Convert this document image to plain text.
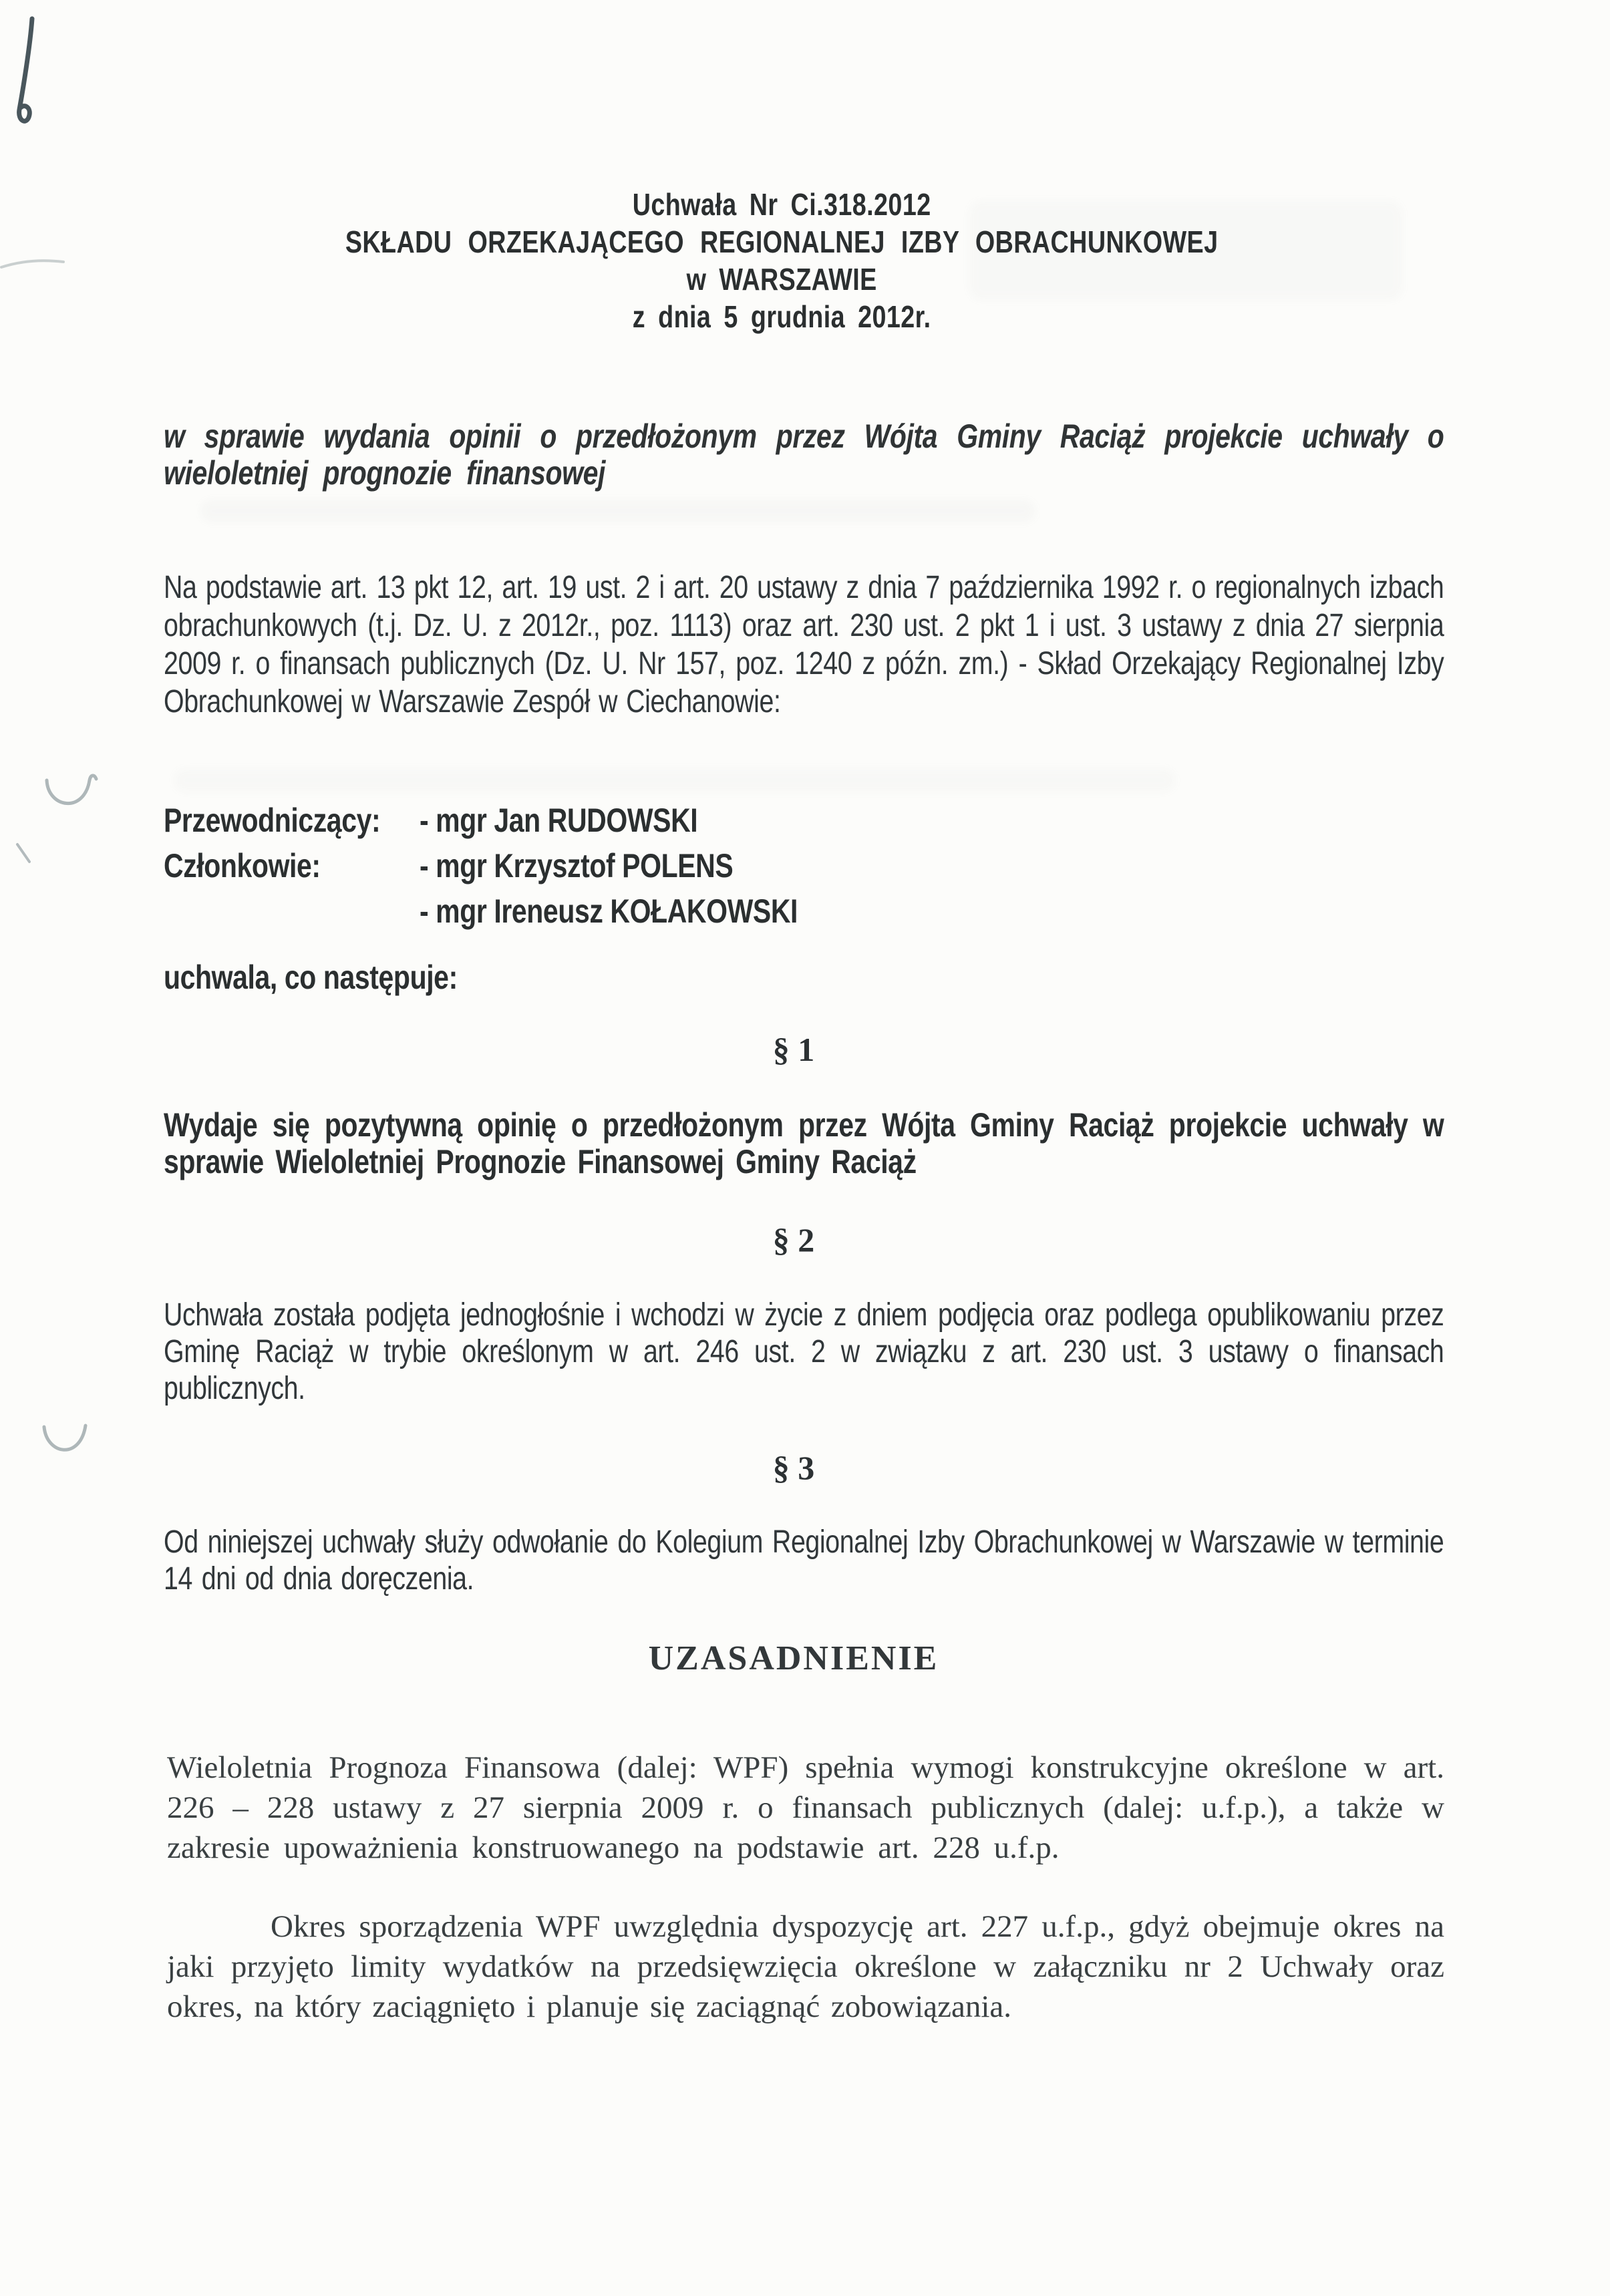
Uchwała Nr Ci.318.2012
SKŁADU ORZEKAJĄCEGO REGIONALNEJ IZBY OBRACHUNKOWEJ
w WARSZAWIE
z dnia 5 grudnia 2012r.
w sprawie wydania opinii o przedłożonym przez Wójta Gminy Raciąż projekcie uchwały o wieloletniej prognozie finansowej
Na podstawie art. 13 pkt 12, art. 19 ust. 2 i art. 20 ustawy z dnia 7 października 1992 r. o regionalnych izbach obrachunkowych (t.j. Dz. U. z 2012r., poz. 1113) oraz art. 230 ust. 2 pkt 1 i ust. 3 ustawy z dnia 27 sierpnia 2009 r. o finansach publicznych (Dz. U. Nr 157, poz. 1240 z późn. zm.) - Skład Orzekający Regionalnej Izby Obrachunkowej w Warszawie Zespół w Ciechanowie:
Przewodniczący:	- mgr Jan RUDOWSKI
Członkowie:	- mgr Krzysztof POLENS
- mgr Ireneusz KOŁAKOWSKI
uchwala, co następuje:
§ 1
Wydaje się pozytywną opinię o przedłożonym przez Wójta Gminy Raciąż projekcie uchwały w sprawie Wieloletniej Prognozie Finansowej Gminy Raciąż
§ 2
Uchwała została podjęta jednogłośnie i wchodzi w życie z dniem podjęcia oraz podlega opublikowaniu przez Gminę Raciąż w trybie określonym w art. 246 ust. 2 w związku z art. 230 ust. 3 ustawy o finansach publicznych.
§ 3
Od niniejszej uchwały służy odwołanie do Kolegium Regionalnej Izby Obrachunkowej w Warszawie w terminie 14 dni od dnia doręczenia.
UZASADNIENIE
Wieloletnia Prognoza Finansowa (dalej: WPF) spełnia wymogi konstrukcyjne określone w art. 226 – 228 ustawy z 27 sierpnia 2009 r. o finansach publicznych (dalej: u.f.p.), a także w zakresie upoważnienia konstruowanego na podstawie art. 228 u.f.p.
Okres sporządzenia WPF uwzględnia dyspozycję art. 227 u.f.p., gdyż obejmuje okres na jaki przyjęto limity wydatków na przedsięwzięcia określone w załączniku nr 2 Uchwały oraz okres, na który zaciągnięto i planuje się zaciągnąć zobowiązania.
